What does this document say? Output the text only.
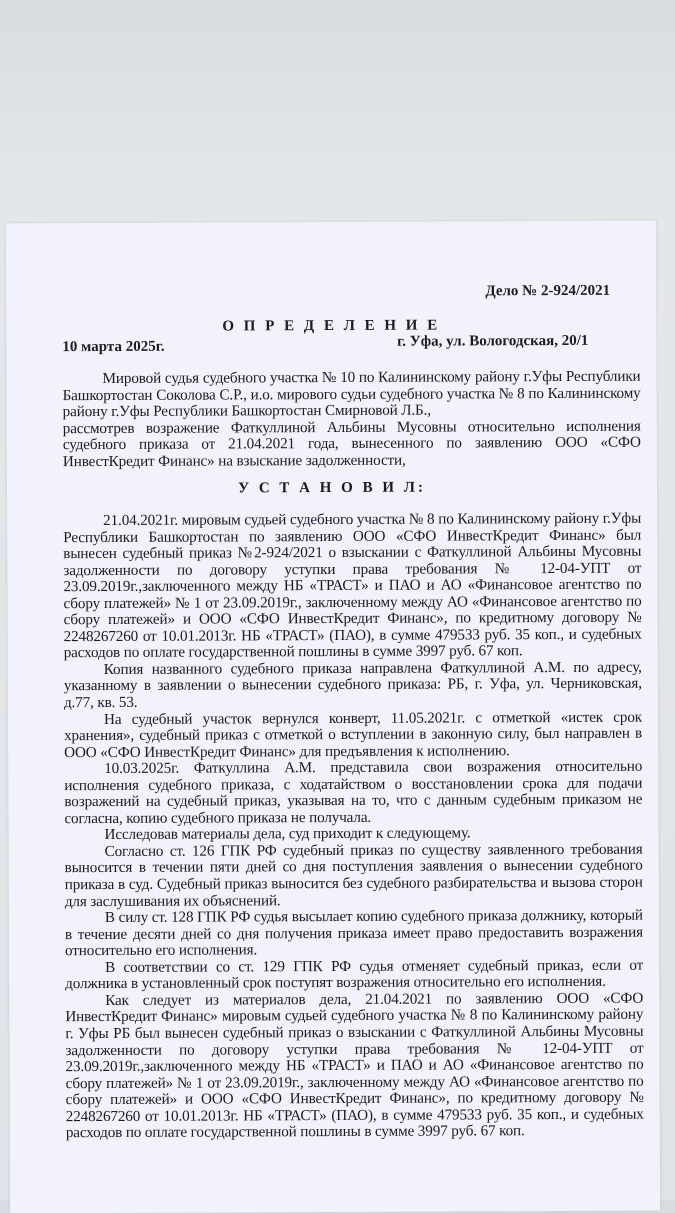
Дело № 2-924/2021
О П Р Е Д Е Л Е Н И Е
10 марта 2025г.	г. Уфа, ул. Вологодская, 20/1

Мировой судья судебного участка № 10 по Калининскому району г.Уфы Республики Башкортостан Соколова С.Р., и.о. мирового судьи судебного участка № 8 по Калининскому району г.Уфы Республики Башкортостан Смирновой Л.Б.,

рассмотрев возражение Фаткуллиной Альбины Мусовны относительно исполнения судебного приказа от 21.04.2021 года, вынесенного по заявлению ООО «СФО ИнвестКредит Финанс» на взыскание задолженности,

У С Т А Н О В И Л:

21.04.2021г. мировым судьей судебного участка № 8 по Калининскому району г.Уфы Республики Башкортостан по заявлению ООО «СФО ИнвестКредит Финанс» был вынесен судебный приказ №2-924/2021 о взыскании с Фаткуллиной Альбины Мусовны задолженности по договору уступки права требования № 12-04-УПТ от 23.09.2019г.,заключенного между НБ «ТРАСТ» и ПАО и АО «Финансовое агентство по сбору платежей» № 1 от 23.09.2019г., заключенному между АО «Финансовое агентство по сбору платежей» и ООО «СФО ИнвестКредит Финанс», по кредитному договору № 2248267260 от 10.01.2013г. НБ «ТРАСТ» (ПАО), в сумме 479533 руб. 35 коп., и судебных расходов по оплате государственной пошлины в сумме 3997 руб. 67 коп.

Копия названного судебного приказа направлена Фаткуллиной А.М. по адресу, указанному в заявлении о вынесении судебного приказа: РБ, г. Уфа, ул. Черниковская, д.77, кв. 53.

На судебный участок вернулся конверт, 11.05.2021г. с отметкой «истек срок хранения», судебный приказ с отметкой о вступлении в законную силу, был направлен в ООО «СФО ИнвестКредит Финанс» для предъявления к исполнению.

10.03.2025г. Фаткуллина А.М. представила свои возражения относительно исполнения судебного приказа, с ходатайством о восстановлении срока для подачи возражений на судебный приказ, указывая на то, что с данным судебным приказом не согласна, копию судебного приказа не получала.

Исследовав материалы дела, суд приходит к следующему.

Согласно ст. 126 ГПК РФ судебный приказ по существу заявленного требования выносится в течении пяти дней со дня поступления заявления о вынесении судебного приказа в суд. Судебный приказ выносится без судебного разбирательства и вызова сторон для заслушивания их объяснений.

В силу ст. 128 ГПК РФ судья высылает копию судебного приказа должнику, который в течение десяти дней со дня получения приказа имеет право предоставить возражения относительно его исполнения.

В соответствии со ст. 129 ГПК РФ судья отменяет судебный приказ, если от должника в установленный срок поступят возражения относительно его исполнения.

Как следует из материалов дела, 21.04.2021 по заявлению ООО «СФО ИнвестКредит Финанс» мировым судьей судебного участка № 8 по Калининскому району г. Уфы РБ был вынесен судебный приказ о взыскании с Фаткуллиной Альбины Мусовны задолженности по договору уступки права требования № 12-04-УПТ от 23.09.2019г.,заключенного между НБ «ТРАСТ» и ПАО и АО «Финансовое агентство по сбору платежей» № 1 от 23.09.2019г., заключенному между АО «Финансовое агентство по сбору платежей» и ООО «СФО ИнвестКредит Финанс», по кредитному договору № 2248267260 от 10.01.2013г. НБ «ТРАСТ» (ПАО), в сумме 479533 руб. 35 коп., и судебных расходов по оплате государственной пошлины в сумме 3997 руб. 67 коп.
